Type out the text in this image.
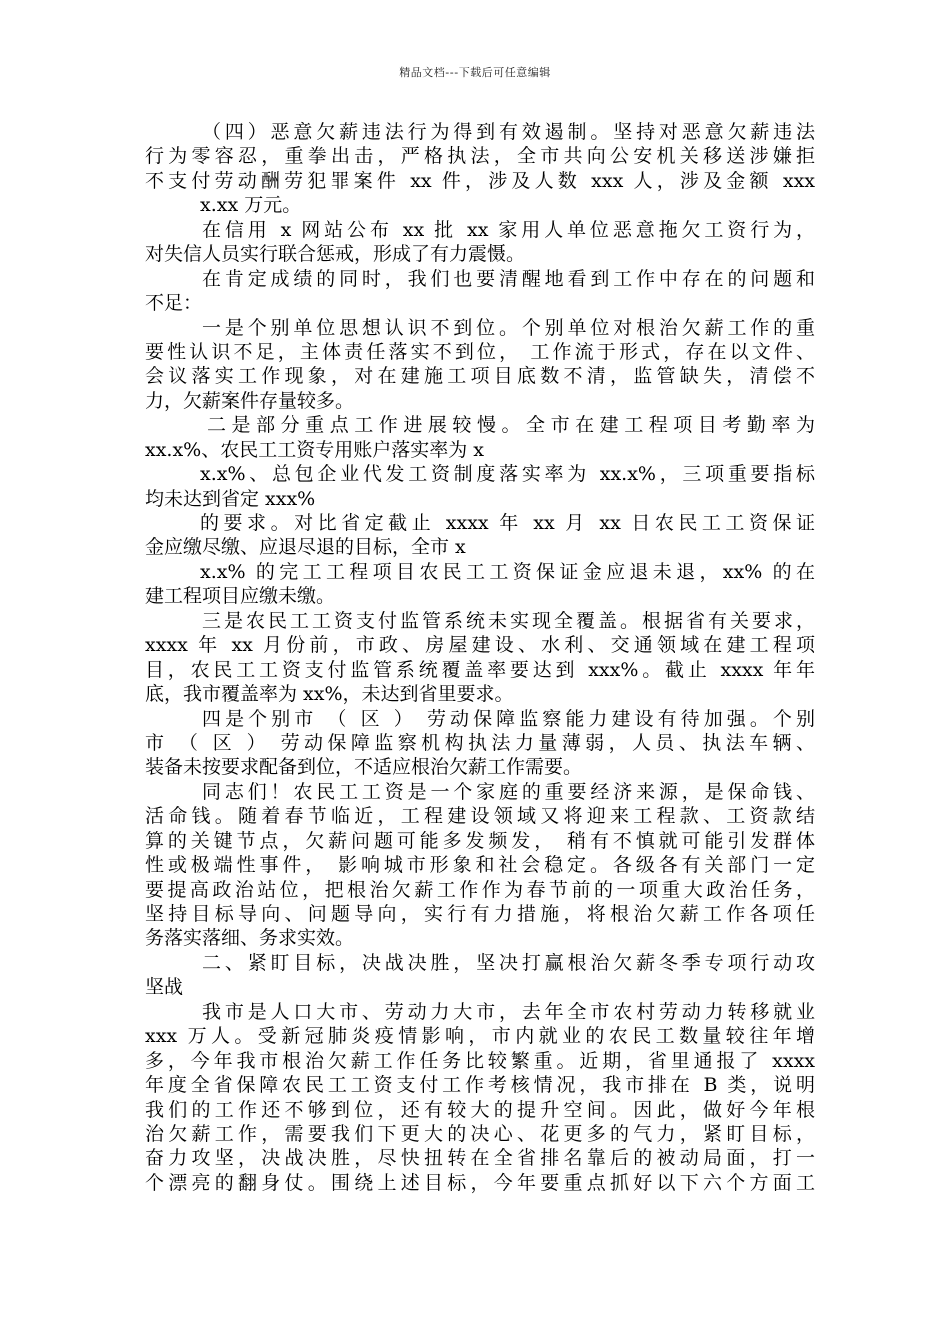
精品文档---下载后可任意编辑
（四）恶意欠薪违法行为得到有效遏制。坚持对恶意欠薪违法
行为零容忍，重拳出击，严格执法，全市共向公安机关移送涉嫌拒
不支付劳动酬劳犯罪案件 xx 件，涉及人数 xxx 人，涉及金额 xxx
x.xx 万元。
在信用 x 网站公布 xx 批 xx 家用人单位恶意拖欠工资行为，
对失信人员实行联合惩戒，形成了有力震慑。
在肯定成绩的同时，我们也要清醒地看到工作中存在的问题和
不足：
一是个别单位思想认识不到位。个别单位对根治欠薪工作的重
要性认识不足，主体责任落实不到位， 工作流于形式，存在以文件、
会议落实工作现象，对在建施工项目底数不清，监管缺失，清偿不
力，欠薪案件存量较多。
二是部分重点工作进展较慢。全市在建工程项目考勤率为
xx.x%、农民工工资专用账户落实率为 x
x.x%、总包企业代发工资制度落实率为 xx.x%，三项重要指标
均未达到省定 xxx%
的要求。对比省定截止 xxxx 年 xx 月 xx 日农民工工资保证
金应缴尽缴、应退尽退的目标，全市 x
x.x% 的完工工程项目农民工工资保证金应退未退，xx% 的在
建工程项目应缴未缴。
三是农民工工资支付监管系统未实现全覆盖。根据省有关要求，
xxxx 年 xx 月份前，市政、房屋建设、水利、交通领域在建工程项
目，农民工工资支付监管系统覆盖率要达到 xxx%。截止 xxxx 年年
底，我市覆盖率为 xx%，未达到省里要求。
四是个别市 （ 区 ） 劳动保障监察能力建设有待加强。个别
市 （ 区 ） 劳动保障监察机构执法力量薄弱，人员、执法车辆、
装备未按要求配备到位，不适应根治欠薪工作需要。
同志们！农民工工资是一个家庭的重要经济来源，是保命钱、
活命钱。随着春节临近，工程建设领域又将迎来工程款、工资款结
算的关键节点，欠薪问题可能多发频发， 稍有不慎就可能引发群体
性或极端性事件， 影响城市形象和社会稳定。各级各有关部门一定
要提高政治站位，把根治欠薪工作作为春节前的一项重大政治任务，
坚持目标导向、问题导向，实行有力措施，将根治欠薪工作各项任
务落实落细、务求实效。
二、紧盯目标，决战决胜，坚决打赢根治欠薪冬季专项行动攻
坚战
我市是人口大市、劳动力大市，去年全市农村劳动力转移就业
xxx 万人。受新冠肺炎疫情影响，市内就业的农民工数量较往年增
多，今年我市根治欠薪工作任务比较繁重。近期，省里通报了 xxxx
年度全省保障农民工工资支付工作考核情况，我市排在 B 类，说明
我们的工作还不够到位，还有较大的提升空间。因此，做好今年根
治欠薪工作，需要我们下更大的决心、花更多的气力，紧盯目标，
奋力攻坚，决战决胜，尽快扭转在全省排名靠后的被动局面，打一
个漂亮的翻身仗。围绕上述目标，今年要重点抓好以下六个方面工
